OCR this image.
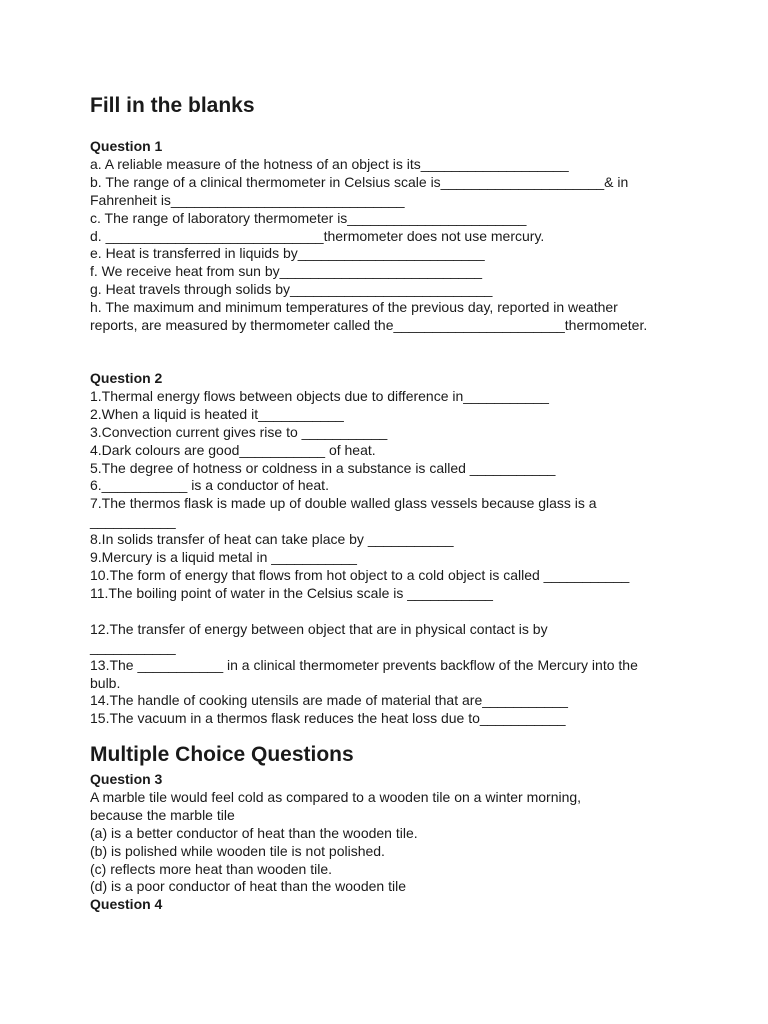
Fill in the blanks
Question 1
a. A reliable measure of the hotness of an object is its___________________
b. The range of a clinical thermometer in Celsius scale is_____________________& in Fahrenheit is______________________________
c. The range of laboratory thermometer is_______________________
d. ____________________________thermometer does not use mercury.
e. Heat is transferred in liquids by________________________
f. We receive heat from sun by__________________________
g. Heat travels through solids by__________________________
h. The maximum and minimum temperatures of the previous day, reported in weather reports, are measured by thermometer called the______________________thermometer.
Question 2
1.Thermal energy flows between objects due to difference in___________
2.When a liquid is heated it___________
3.Convection current gives rise to ___________
4.Dark colours are good___________ of heat.
5.The degree of hotness or coldness in a substance is called ___________
6.___________ is a conductor of heat.
7.The thermos flask is made up of double walled glass vessels because glass is a ___________
8.In solids transfer of heat can take place by ___________
9.Mercury is a liquid metal in ___________
10.The form of energy that flows from hot object to a cold object is called ___________
11.The boiling point of water in the Celsius scale is ___________
12.The transfer of energy between object that are in physical contact is by ___________
13.The ___________ in a clinical thermometer prevents backflow of the Mercury into the bulb.
14.The handle of cooking utensils are made of material that are___________
15.The vacuum in a thermos flask reduces the heat loss due to___________
Multiple Choice Questions
Question 3
A marble tile would feel cold as compared to a wooden tile on a winter morning, because the marble tile
(a) is a better conductor of heat than the wooden tile.
(b) is polished while wooden tile is not polished.
(c) reflects more heat than wooden tile.
(d) is a poor conductor of heat than the wooden tile
Question 4
